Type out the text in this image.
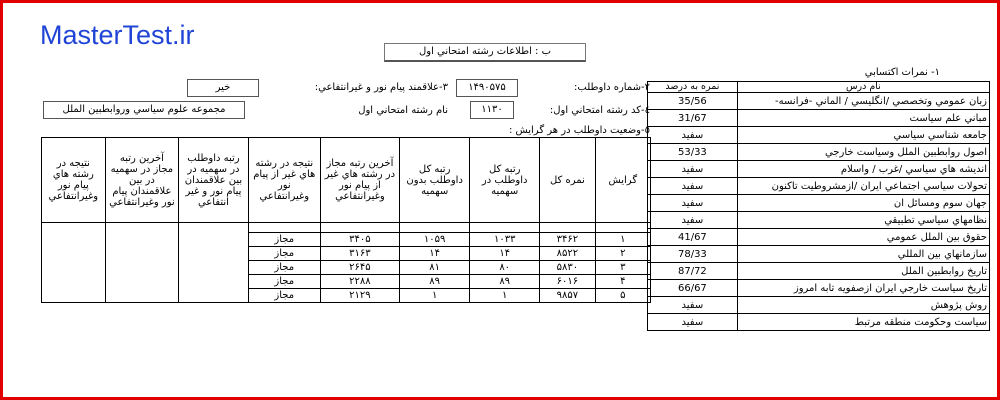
MasterTest.ir
ب : اطلاعات رشته امتحاني اول
٢-شماره داوطلب:
۱۴۹۰۵۷۵
٣-علاقمند پيام نور و غيرانتفاعي:
خير
٤-كد رشته امتحاني اول:
۱۱۳۰
نام رشته امتحاني اول
مجموعه علوم سياسي وروابطبين الملل
٥-وضعيت داوطلب در هر گرايش :
١- نمرات اكتسابي
نام درس	نمره به درصد
زبان عمومي وتخصصي /انگليسي / الماني -فرانسه-	35/56
مباني علم سياست	31/67
جامعه شناسي سياسي	سفيد
اصول روابطبين الملل وسياست خارجي	53/33
انديشه هاي سياسي /غرب / واسلام	سفيد
تحولات سياسي اجتماعي ايران /ازمشروطيت تاكنون	سفيد
جهان سوم ومسائل ان	سفيد
نظامهاي سياسي تطبيقي	سفيد
حقوق بين الملل عمومي	41/67
سازمانهاي بين المللي	78/33
تاريخ روابطبين الملل	87/72
تاريخ سياست خارجي ايران ازصفويه تابه امروز	66/67
روش پژوهش	سفيد
سياست وحكومت منطقه مرتبط	سفيد
گرايش	نمره كل	رتبه كل داوطلب در سهميه	رتبه كل داوطلب بدون سهميه	آخرين رتبه مجاز در رشته هاي غير از پيام نور وغيرانتفاعي	نتيجه در رشته هاي غير از پيام نور وغيرانتفاعي	رتبه داوطلب در سهميه در بين علاقمندان پيام نور و غير انتفاعي	آخرين رتبه مجاز در سهميه در بين علاقمندان پيام نور وغيرانتفاعي	نتيجه در رشته هاي پيام نور وغيرانتفاعي

۱	۳۴۶۲	۱۰۳۳	۱۰۵۹	۳۴۰۵	مجاز			
۲	۸۵۲۲	۱۴	۱۴	۳۱۶۳	مجاز			
۳	۵۸۳۰	۸۰	۸۱	۲۶۴۵	مجاز			
۴	۶۰۱۶	۸۹	۸۹	۲۲۸۸	مجاز			
۵	۹۸۵۷	۱	۱	۲۱۲۹	مجاز			
